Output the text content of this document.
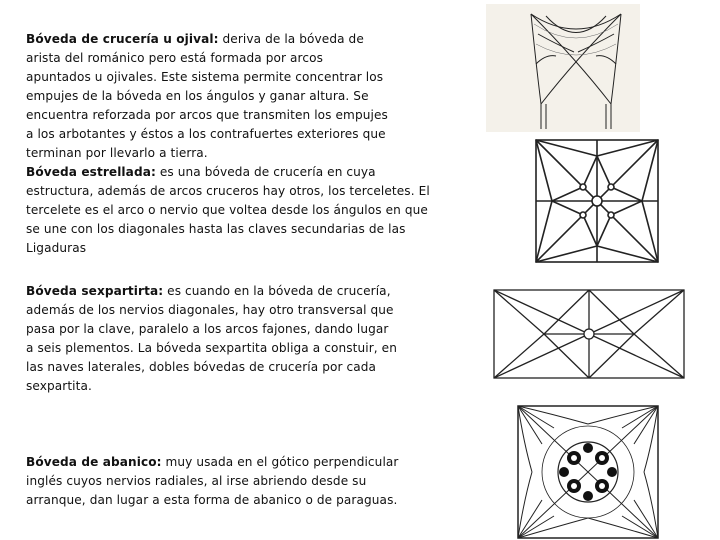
Bóveda de crucería u ojival: deriva de la bóveda de
arista del románico pero está formada por arcos
apuntados u ojivales. Este sistema permite concentrar los
empujes de la bóveda en los ángulos y ganar altura. Se
encuentra reforzada por arcos que transmiten los empujes
a los arbotantes y éstos a los contrafuertes exteriores que
terminan por llevarlo a tierra.

Bóveda estrellada: es una bóveda de crucería en cuya
estructura, además de arcos cruceros hay otros, los terceletes. El
tercelete es el arco o nervio que voltea desde los ángulos en que
se une con los diagonales hasta las claves secundarias de las
Ligaduras

Bóveda sexpartirta: es cuando en la bóveda de crucería,
además de los nervios diagonales, hay otro transversal que
pasa por la clave, paralelo a los arcos fajones, dando lugar
a seis plementos. La bóveda sexpartita obliga a constuir, en
las naves laterales, dobles bóvedas de crucería por cada
sexpartita.

Bóveda de abanico: muy usada en el gótico perpendicular
inglés cuyos nervios radiales, al irse abriendo desde su
arranque, dan lugar a esta forma de abanico o de paraguas.
